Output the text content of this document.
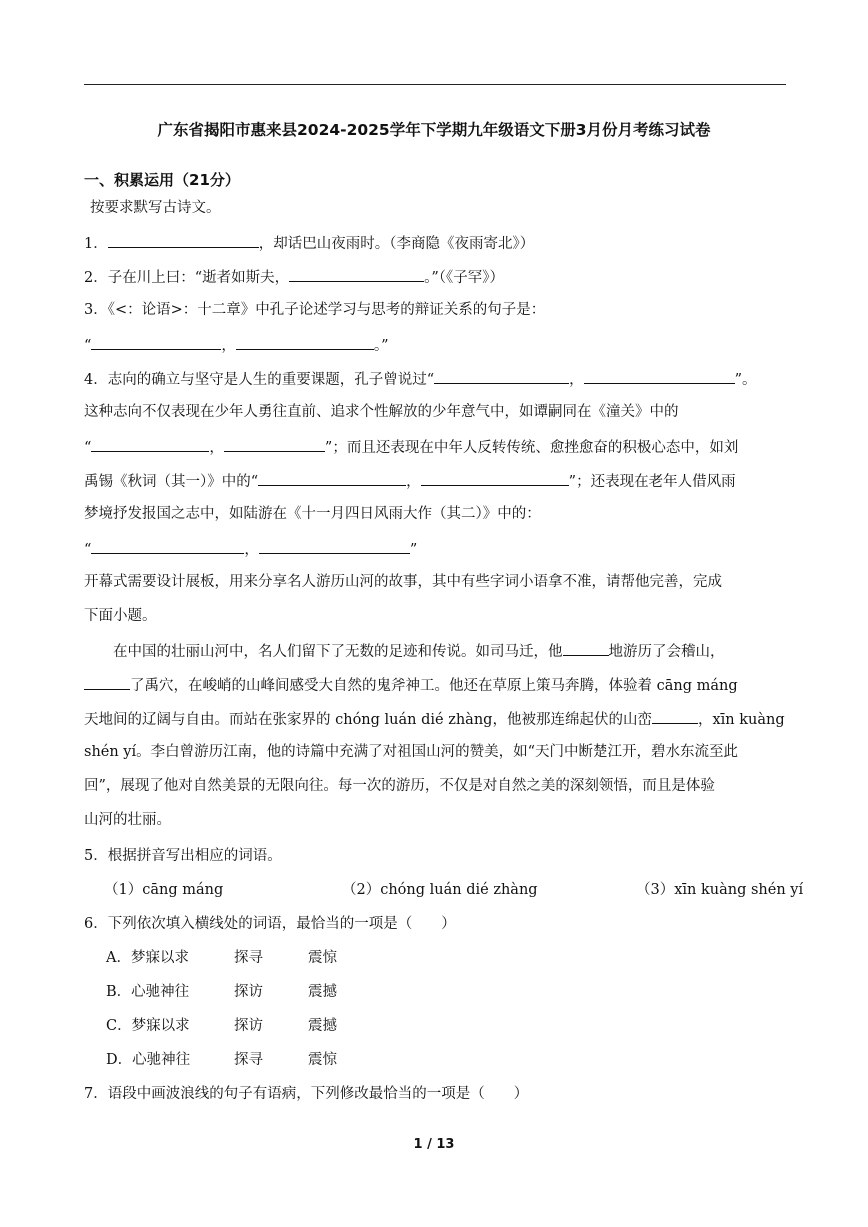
广东省揭阳市惠来县2024-2025学年下学期九年级语文下册3月份月考练习试卷
一、积累运用（21分）
按要求默写古诗文。
1．	，却话巴山夜雨时。（李商隐《夜雨寄北》）
2．子在川上曰：“逝者如斯夫，	。”（《子罕》）
3．《<：论语>：十二章》中孔子论述学习与思考的辩证关系的句子是：
“	，	。”
4．志向的确立与坚守是人生的重要课题，孔子曾说过“	，	”。
这种志向不仅表现在少年人勇往直前、追求个性解放的少年意气中，如谭嗣同在《潼关》中的
“	，	”；而且还表现在中年人反转传统、愈挫愈奋的积极心态中，如刘
禹锡《秋词（其一）》中的“	，	”；还表现在老年人借风雨
梦境抒发报国之志中，如陆游在《十一月四日风雨大作（其二）》中的：
“	，	”
开幕式需要设计展板，用来分享名人游历山河的故事，其中有些字词小语拿不准，请帮他完善，完成
下面小题。
在中国的壮丽山河中，名人们留下了无数的足迹和传说。如司马迁，他	地游历了会稽山，
了禹穴，在峻峭的山峰间感受大自然的鬼斧神工。他还在草原上策马奔腾，体验着 cāng máng
天地间的辽阔与自由。而站在张家界的 chóng luán dié zhàng，他被那连绵起伏的山峦	，xīn kuàng
shén yí。李白曾游历江南，他的诗篇中充满了对祖国山河的赞美，如“天门中断楚江开，碧水东流至此
回”，展现了他对自然美景的无限向往。每一次的游历，不仅是对自然之美的深刻领悟，而且是体验
山河的壮丽。
5．根据拼音写出相应的词语。
（1）cāng máng	（2）chóng luán dié zhàng	（3）xīn kuàng shén yí
6．下列依次填入横线处的词语，最恰当的一项是（　　）
A．梦寐以求	探寻	震惊
B．心驰神往	探访	震撼
C．梦寐以求	探访	震撼
D．心驰神往	探寻	震惊
7．语段中画波浪线的句子有语病，下列修改最恰当的一项是（　　）
1 / 13
